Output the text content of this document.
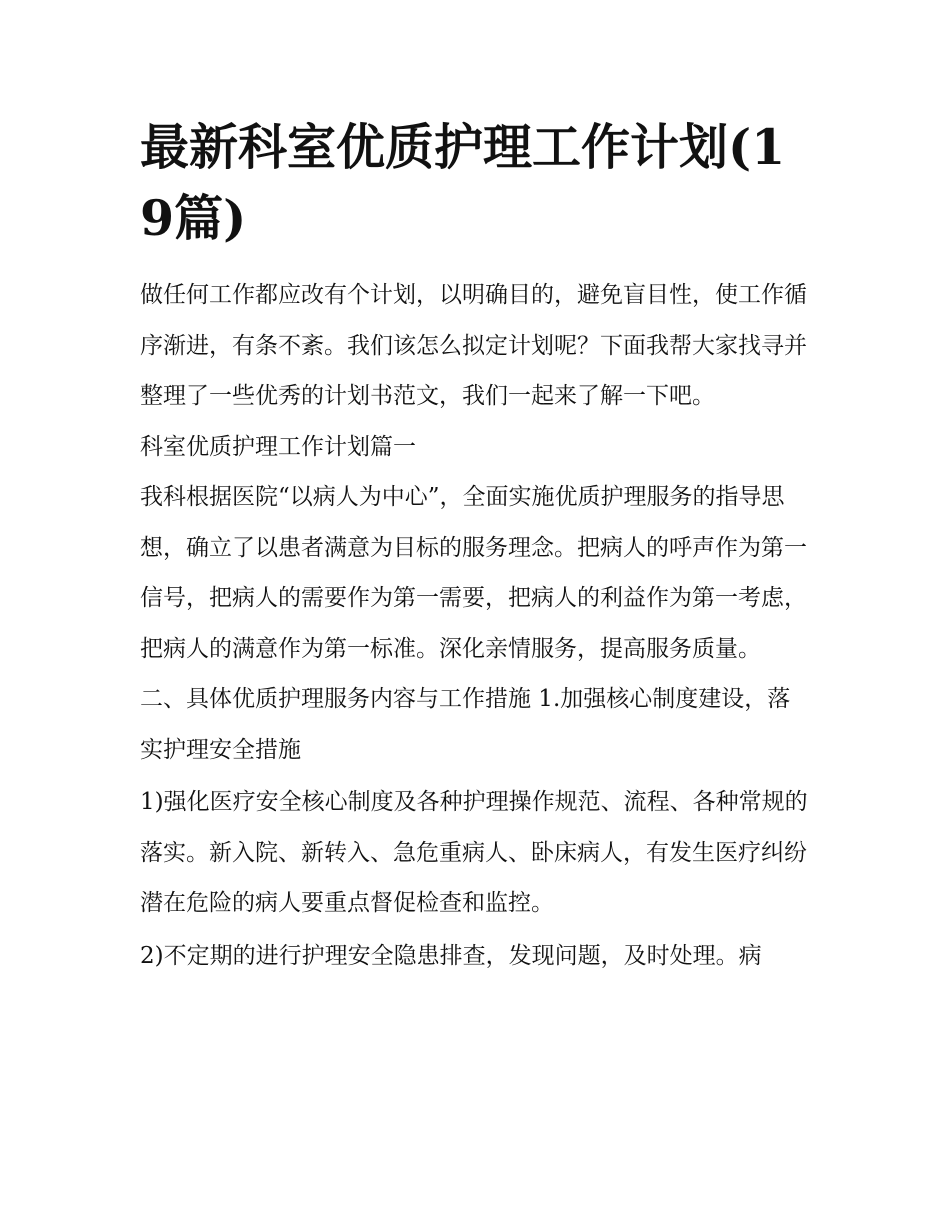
最新科室优质护理工作计划(19篇)

做任何工作都应改有个计划，以明确目的，避免盲目性，使工作循序渐进，有条不紊。我们该怎么拟定计划呢？下面我帮大家找寻并整理了一些优秀的计划书范文，我们一起来了解一下吧。

科室优质护理工作计划篇一

我科根据医院“以病人为中心”，全面实施优质护理服务的指导思想，确立了以患者满意为目标的服务理念。把病人的呼声作为第一信号，把病人的需要作为第一需要，把病人的利益作为第一考虑，把病人的满意作为第一标准。深化亲情服务，提高服务质量。

二、具体优质护理服务内容与工作措施 1.加强核心制度建设，落实护理安全措施

1)强化医疗安全核心制度及各种护理操作规范、流程、各种常规的落实。新入院、新转入、急危重病人、卧床病人，有发生医疗纠纷潜在危险的病人要重点督促检查和监控。

2)不定期的进行护理安全隐患排查，发现问题，及时处理。病
